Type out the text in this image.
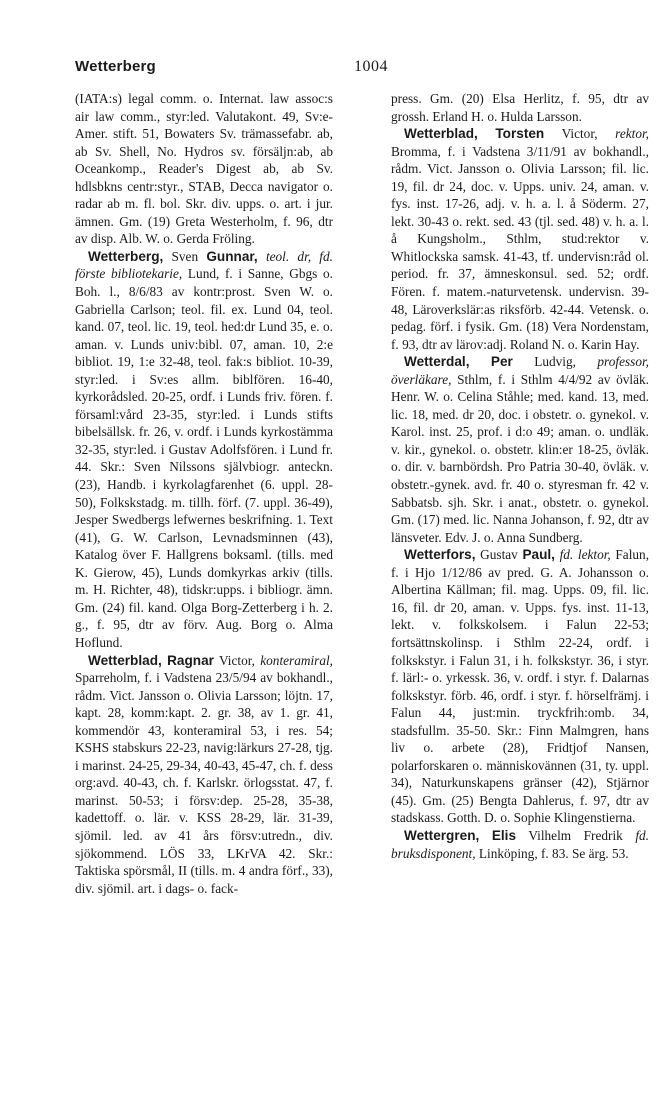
Wetterberg	1004

(IATA:s) legal comm. o. Internat. law assoc:s air law comm., styr:led. Valutakont. 49, Sv:e-Amer. stift. 51, Bowaters Sv. trämassefabr. ab, ab Sv. Shell, No. Hydros sv. försäljn:ab, ab Oceankomp., Reader's Digest ab, ab Sv. hdlsbkns centr:styr., STAB, Decca navigator o. radar ab m. fl. bol. Skr. div. upps. o. art. i jur. ämnen. Gm. (19) Greta Westerholm, f. 96, dtr av disp. Alb. W. o. Gerda Fröling.

Wetterberg, Sven Gunnar, teol. dr, fd. förste bibliotekarie, Lund, f. i Sanne, Gbgs o. Boh. l., 8/6/83 av kontr:prost. Sven W. o. Gabriella Carlson; teol. fil. ex. Lund 04, teol. kand. 07, teol. lic. 19, teol. hed:dr Lund 35, e. o. aman. v. Lunds univ:bibl. 07, aman. 10, 2:e bibliot. 19, 1:e 32-48, teol. fak:s bibliot. 10-39, styr:led. i Sv:es allm. biblfören. 16-40, kyrkorådsled. 20-25, ordf. i Lunds friv. fören. f. församl:vård 23-35, styr:led. i Lunds stifts bibelsällsk. fr. 26, v. ordf. i Lunds kyrkostämma 32-35, styr:led. i Gustav Adolfsfören. i Lund fr. 44. Skr.: Sven Nilssons självbiogr. anteckn. (23), Handb. i kyrkolagfarenhet (6. uppl. 28-50), Folkskstadg. m. tillh. förf. (7. uppl. 36-49), Jesper Swedbergs lefwernes beskrifning. 1. Text (41), G. W. Carlson, Levnadsminnen (43), Katalog över F. Hallgrens boksaml. (tills. med K. Gierow, 45), Lunds domkyrkas arkiv (tills. m. H. Richter, 48), tidskr:upps. i bibliogr. ämn. Gm. (24) fil. kand. Olga Borg-Zetterberg i h. 2. g., f. 95, dtr av förv. Aug. Borg o. Alma Hoflund.

Wetterblad, Ragnar Victor, konteramiral, Sparreholm, f. i Vadstena 23/5/94 av bokhandl., rådm. Vict. Jansson o. Olivia Larsson; löjtn. 17, kapt. 28, komm:kapt. 2. gr. 38, av 1. gr. 41, kommendör 43, konteramiral 53, i res. 54; KSHS stabskurs 22-23, navig:lärkurs 27-28, tjg. i marinst. 24-25, 29-34, 40-43, 45-47, ch. f. dess org:avd. 40-43, ch. f. Karlskr. örlogsstat. 47, f. marinst. 50-53; i försv:dep. 25-28, 35-38, kadettoff. o. lär. v. KSS 28-29, lär. 31-39, sjömil. led. av 41 års försv:utredn., div. sjökommend. LÖS 33, LKrVA 42. Skr.: Taktiska spörsmål, II (tills. m. 4 andra förf., 33), div. sjömil. art. i dags- o. fack-

press. Gm. (20) Elsa Herlitz, f. 95, dtr av grossh. Erland H. o. Hulda Larsson.

Wetterblad, Torsten Victor, rektor, Bromma, f. i Vadstena 3/11/91 av bokhandl., rådm. Vict. Jansson o. Olivia Larsson; fil. lic. 19, fil. dr 24, doc. v. Upps. univ. 24, aman. v. fys. inst. 17-26, adj. v. h. a. l. å Söderm. 27, lekt. 30-43 o. rekt. sed. 43 (tjl. sed. 48) v. h. a. l. å Kungsholm., Sthlm, stud:rektor v. Whitlockska samsk. 41-43, tf. undervisn:råd ol. period. fr. 37, ämneskonsul. sed. 52; ordf. Fören. f. matem.-naturvetensk. undervisn. 39-48, Läroverkslär:as riksförb. 42-44. Vetensk. o. pedag. förf. i fysik. Gm. (18) Vera Nordenstam, f. 93, dtr av lärov:adj. Roland N. o. Karin Hay.

Wetterdal, Per Ludvig, professor, överläkare, Sthlm, f. i Sthlm 4/4/92 av övläk. Henr. W. o. Celina Ståhle; med. kand. 13, med. lic. 18, med. dr 20, doc. i obstetr. o. gynekol. v. Karol. inst. 25, prof. i d:o 49; aman. o. undläk. v. kir., gynekol. o. obstetr. klin:er 18-25, övläk. o. dir. v. barnbördsh. Pro Patria 30-40, övläk. v. obstetr.-gynek. avd. fr. 40 o. styresman fr. 42 v. Sabbatsb. sjh. Skr. i anat., obstetr. o. gynekol. Gm. (17) med. lic. Nanna Johanson, f. 92, dtr av länsveter. Edv. J. o. Anna Sundberg.

Wetterfors, Gustav Paul, fd. lektor, Falun, f. i Hjo 1/12/86 av pred. G. A. Johansson o. Albertina Källman; fil. mag. Upps. 09, fil. lic. 16, fil. dr 20, aman. v. Upps. fys. inst. 11-13, lekt. v. folkskolsem. i Falun 22-53; fortsättnskolinsp. i Sthlm 22-24, ordf. i folkskstyr. i Falun 31, i h. folkskstyr. 36, i styr. f. lärl:- o. yrkessk. 36, v. ordf. i styr. f. Dalarnas folkskstyr. förb. 46, ordf. i styr. f. hörselfrämj. i Falun 44, just:min. tryckfrih:omb. 34, stadsfullm. 35-50. Skr.: Finn Malmgren, hans liv o. arbete (28), Fridtjof Nansen, polarforskaren o. människovännen (31, ty. uppl. 34), Naturkunskapens gränser (42), Stjärnor (45). Gm. (25) Bengta Dahlerus, f. 97, dtr av stadskass. Gotth. D. o. Sophie Klingenstierna.

Wettergren, Elis Vilhelm Fredrik fd. bruksdisponent, Linköping, f. 83. Se ärg. 53.
